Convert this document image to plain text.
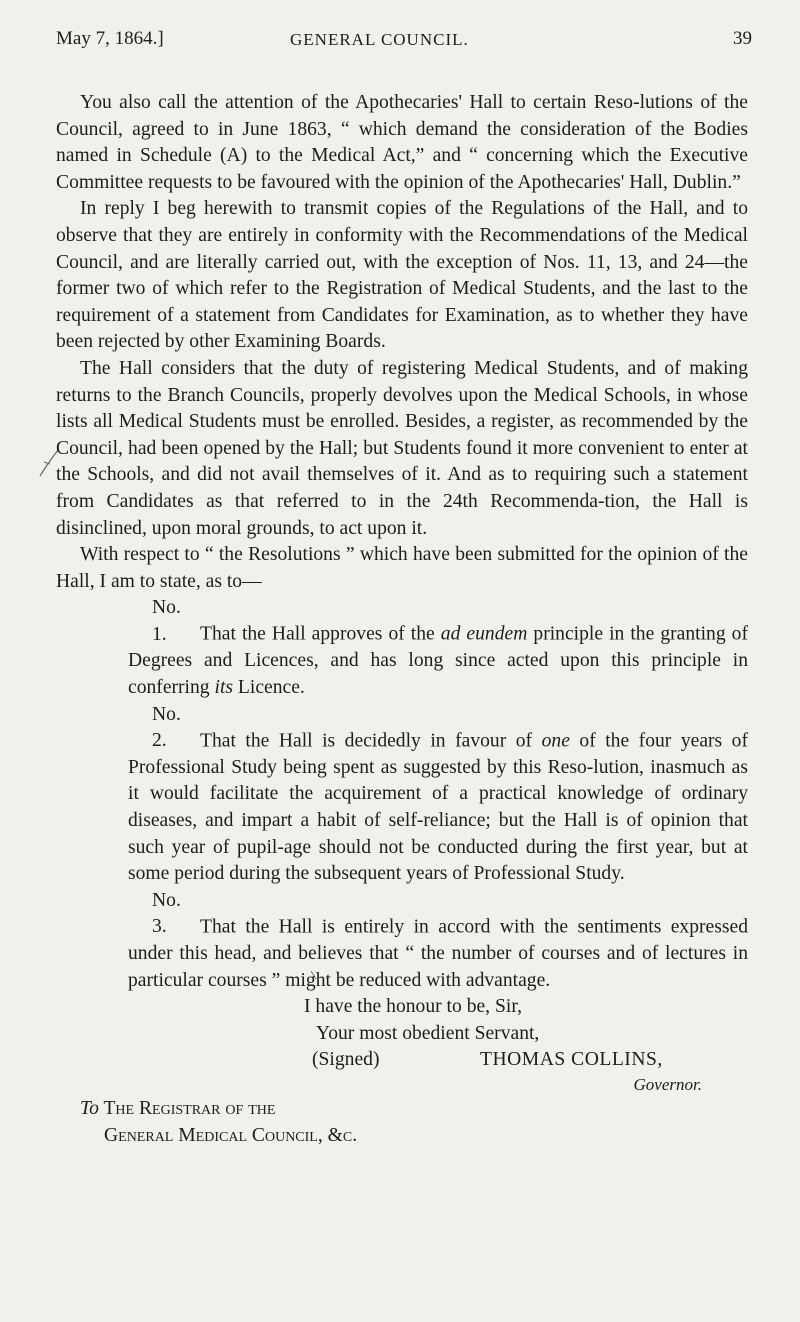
May 7, 1864.]	GENERAL COUNCIL.	39

You also call the attention of the Apothecaries' Hall to certain Reso-lutions of the Council, agreed to in June 1863, “ which demand the consideration of the Bodies named in Schedule (A) to the Medical Act,” and “ concerning which the Executive Committee requests to be favoured with the opinion of the Apothecaries' Hall, Dublin.”

In reply I beg herewith to transmit copies of the Regulations of the Hall, and to observe that they are entirely in conformity with the Recommendations of the Medical Council, and are literally carried out, with the exception of Nos. 11, 13, and 24—the former two of which refer to the Registration of Medical Students, and the last to the requirement of a statement from Candidates for Examination, as to whether they have been rejected by other Examining Boards.

The Hall considers that the duty of registering Medical Students, and of making returns to the Branch Councils, properly devolves upon the Medical Schools, in whose lists all Medical Students must be enrolled. Besides, a register, as recommended by the Council, had been opened by the Hall; but Students found it more convenient to enter at the Schools, and did not avail themselves of it. And as to requiring such a statement from Candidates as that referred to in the 24th Recommenda-tion, the Hall is disinclined, upon moral grounds, to act upon it.

With respect to “ the Resolutions ” which have been submitted for the opinion of the Hall, I am to state, as to—

No. 1. That the Hall approves of the ad eundem principle in the granting of Degrees and Licences, and has long since acted upon this principle in conferring its Licence.

No. 2. That the Hall is decidedly in favour of one of the four years of Professional Study being spent as suggested by this Reso-lution, inasmuch as it would facilitate the acquirement of a practical knowledge of ordinary diseases, and impart a habit of self-reliance; but the Hall is of opinion that such year of pupil-age should not be conducted during the first year, but at some period during the subsequent years of Professional Study.

No. 3. That the Hall is entirely in accord with the sentiments expressed under this head, and believes that “ the number of courses and of lectures in particular courses ” might be reduced with advantage.

I have the honour to be, Sir,

Your most obedient Servant,

(Signed)	THOMAS COLLINS,
Governor.

To The Registrar of the

General Medical Council, &c.
